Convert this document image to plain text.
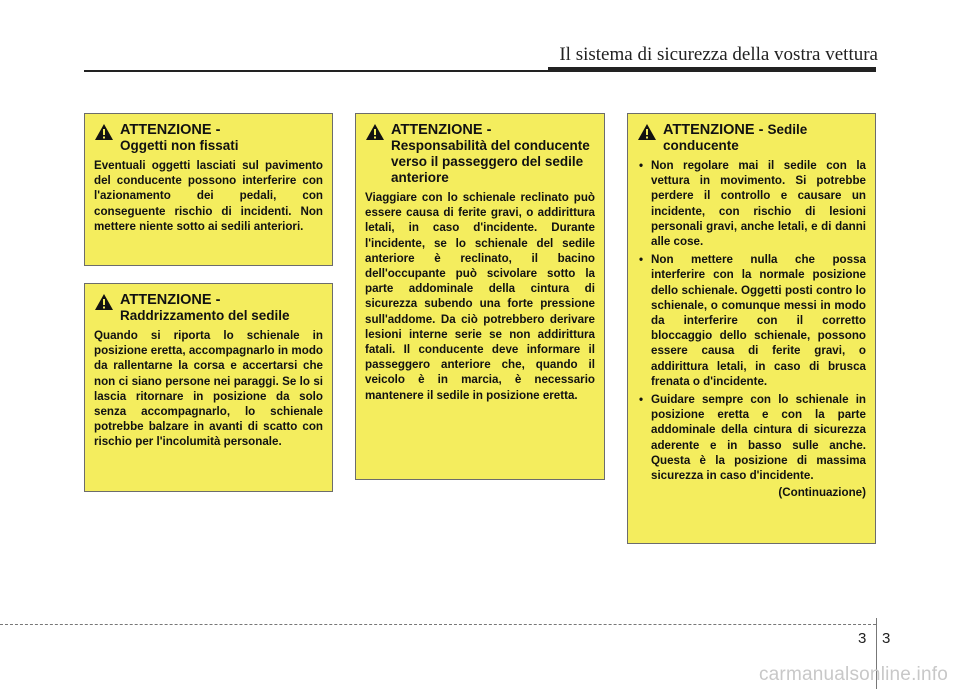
Il sistema di sicurezza della vostra vettura
ATTENZIONE -
Oggetti non fissati

Eventuali oggetti lasciati sul pavimento del conducente possono interferire con l'azionamento dei pedali, con conseguente rischio di incidenti. Non mettere niente sotto ai sedili anteriori.

ATTENZIONE -
Raddrizzamento del sedile

Quando si riporta lo schienale in posizione eretta, accompagnarlo in modo da rallentarne la corsa e accertarsi che non ci siano persone nei paraggi. Se lo si lascia ritornare in posizione da solo senza accompagnarlo, lo schienale potrebbe balzare in avanti di scatto con rischio per l'incolumità personale.

ATTENZIONE -
Responsabilità del conducente verso il passeggero del sedile anteriore

Viaggiare con lo schienale reclinato può essere causa di ferite gravi, o addirittura letali, in caso d'incidente. Durante l'incidente, se lo schienale del sedile anteriore è reclinato, il bacino dell'occupante può scivolare sotto la parte addominale della cintura di sicurezza subendo una forte pressione sull'addome. Da ciò potrebbero derivare lesioni interne serie se non addirittura fatali. Il conducente deve informare il passeggero anteriore che, quando il veicolo è in marcia, è necessario mantenere il sedile in posizione eretta.

ATTENZIONE - Sedile
conducente
• Non regolare mai il sedile con la vettura in movimento. Si potrebbe perdere il controllo e causare un incidente, con rischio di lesioni personali gravi, anche letali, e di danni alle cose.
• Non mettere nulla che possa interferire con la normale posizione dello schienale. Oggetti posti contro lo schienale, o comunque messi in modo da interferire con il corretto bloccaggio dello schienale, possono essere causa di ferite gravi, o addirittura letali, in caso di brusca frenata o d'incidente.
• Guidare sempre con lo schienale in posizione eretta e con la parte addominale della cintura di sicurezza aderente e in basso sulle anche. Questa è la posizione di massima sicurezza in caso d'incidente.
(Continuazione)
3 3
carmanualsonline.info
